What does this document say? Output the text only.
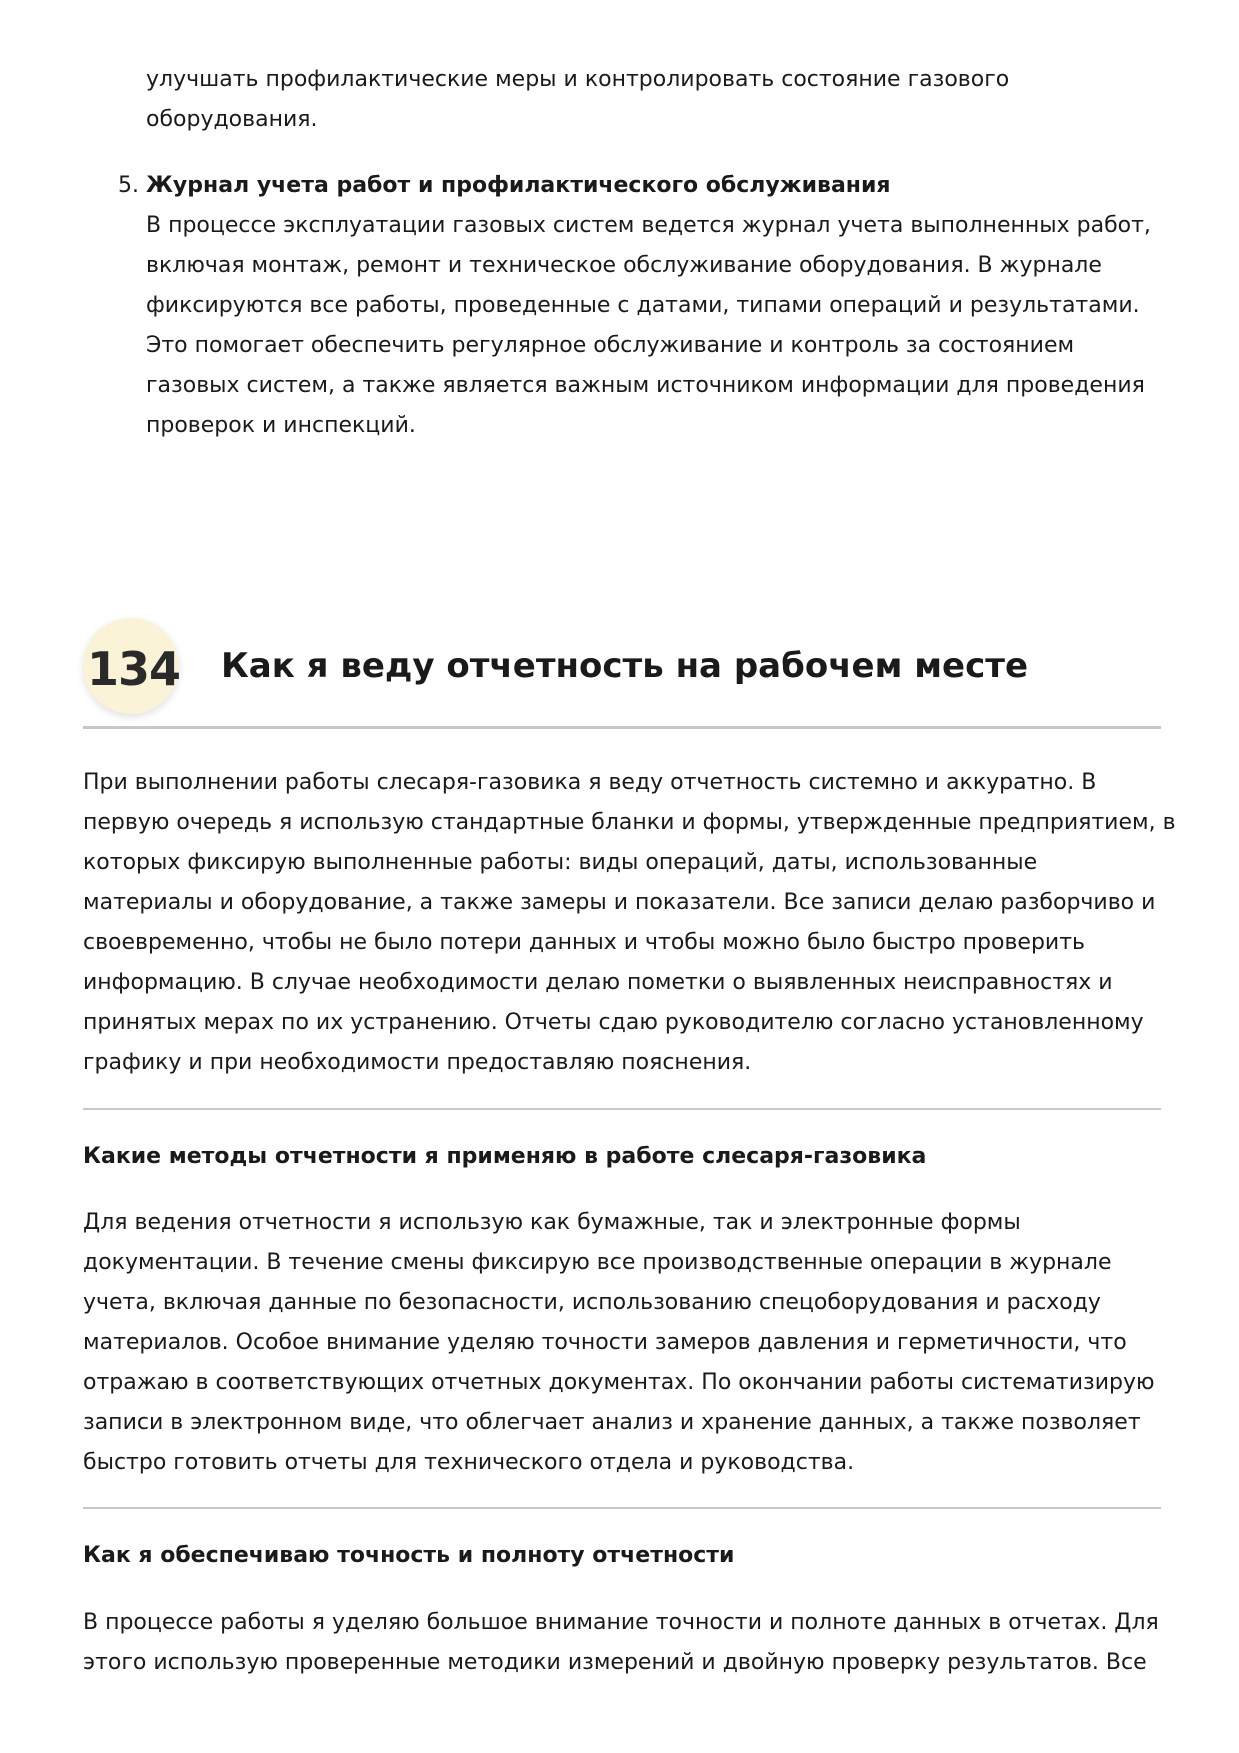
улучшать профилактические меры и контролировать состояние газового
оборудования.
5. Журнал учета работ и профилактического обслуживания
В процессе эксплуатации газовых систем ведется журнал учета выполненных работ,
включая монтаж, ремонт и техническое обслуживание оборудования. В журнале
фиксируются все работы, проведенные с датами, типами операций и результатами.
Это помогает обеспечить регулярное обслуживание и контроль за состоянием
газовых систем, а также является важным источником информации для проведения
проверок и инспекций.
134 Как я веду отчетность на рабочем месте
При выполнении работы слесаря-газовика я веду отчетность системно и аккуратно. В
первую очередь я использую стандартные бланки и формы, утвержденные предприятием, в
которых фиксирую выполненные работы: виды операций, даты, использованные
материалы и оборудование, а также замеры и показатели. Все записи делаю разборчиво и
своевременно, чтобы не было потери данных и чтобы можно было быстро проверить
информацию. В случае необходимости делаю пометки о выявленных неисправностях и
принятых мерах по их устранению. Отчеты сдаю руководителю согласно установленному
графику и при необходимости предоставляю пояснения.
Какие методы отчетности я применяю в работе слесаря-газовика
Для ведения отчетности я использую как бумажные, так и электронные формы
документации. В течение смены фиксирую все производственные операции в журнале
учета, включая данные по безопасности, использованию спецоборудования и расходу
материалов. Особое внимание уделяю точности замеров давления и герметичности, что
отражаю в соответствующих отчетных документах. По окончании работы систематизирую
записи в электронном виде, что облегчает анализ и хранение данных, а также позволяет
быстро готовить отчеты для технического отдела и руководства.
Как я обеспечиваю точность и полноту отчетности
В процессе работы я уделяю большое внимание точности и полноте данных в отчетах. Для
этого использую проверенные методики измерений и двойную проверку результатов. Все
